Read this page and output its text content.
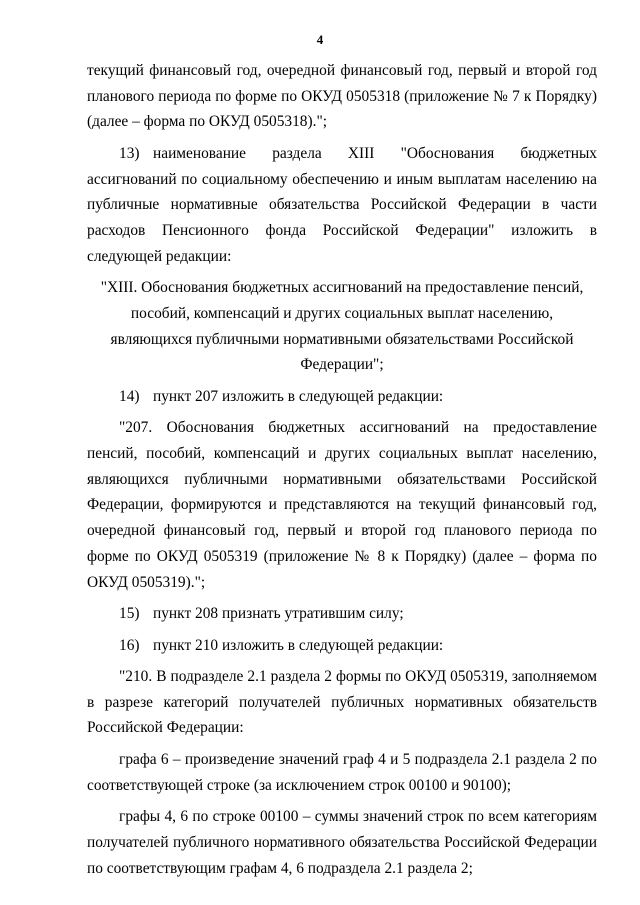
4

текущий финансовый год, очередной финансовый год, первый и второй год планового периода по форме по ОКУД 0505318 (приложение № 7 к Порядку) (далее – форма по ОКУД 0505318).";

13) наименование раздела XIII "Обоснования бюджетных ассигнований по социальному обеспечению и иным выплатам населению на публичные нормативные обязательства Российской Федерации в части расходов Пенсионного фонда Российской Федерации" изложить в следующей редакции:

"XIII. Обоснования бюджетных ассигнований на предоставление пенсий, пособий, компенсаций и других социальных выплат населению, являющихся публичными нормативными обязательствами Российской Федерации";

14) пункт 207 изложить в следующей редакции:

"207. Обоснования бюджетных ассигнований на предоставление пенсий, пособий, компенсаций и других социальных выплат населению, являющихся публичными нормативными обязательствами Российской Федерации, формируются и представляются на текущий финансовый год, очередной финансовый год, первый и второй год планового периода по форме по ОКУД 0505319 (приложение № 8 к Порядку) (далее – форма по ОКУД 0505319).";

15) пункт 208 признать утратившим силу;

16) пункт 210 изложить в следующей редакции:

"210. В подразделе 2.1 раздела 2 формы по ОКУД 0505319, заполняемом в разрезе категорий получателей публичных нормативных обязательств Российской Федерации:

графа 6 – произведение значений граф 4 и 5 подраздела 2.1 раздела 2 по соответствующей строке (за исключением строк 00100 и 90100);

графы 4, 6 по строке 00100 – суммы значений строк по всем категориям получателей публичного нормативного обязательства Российской Федерации по соответствующим графам 4, 6 подраздела 2.1 раздела 2;
